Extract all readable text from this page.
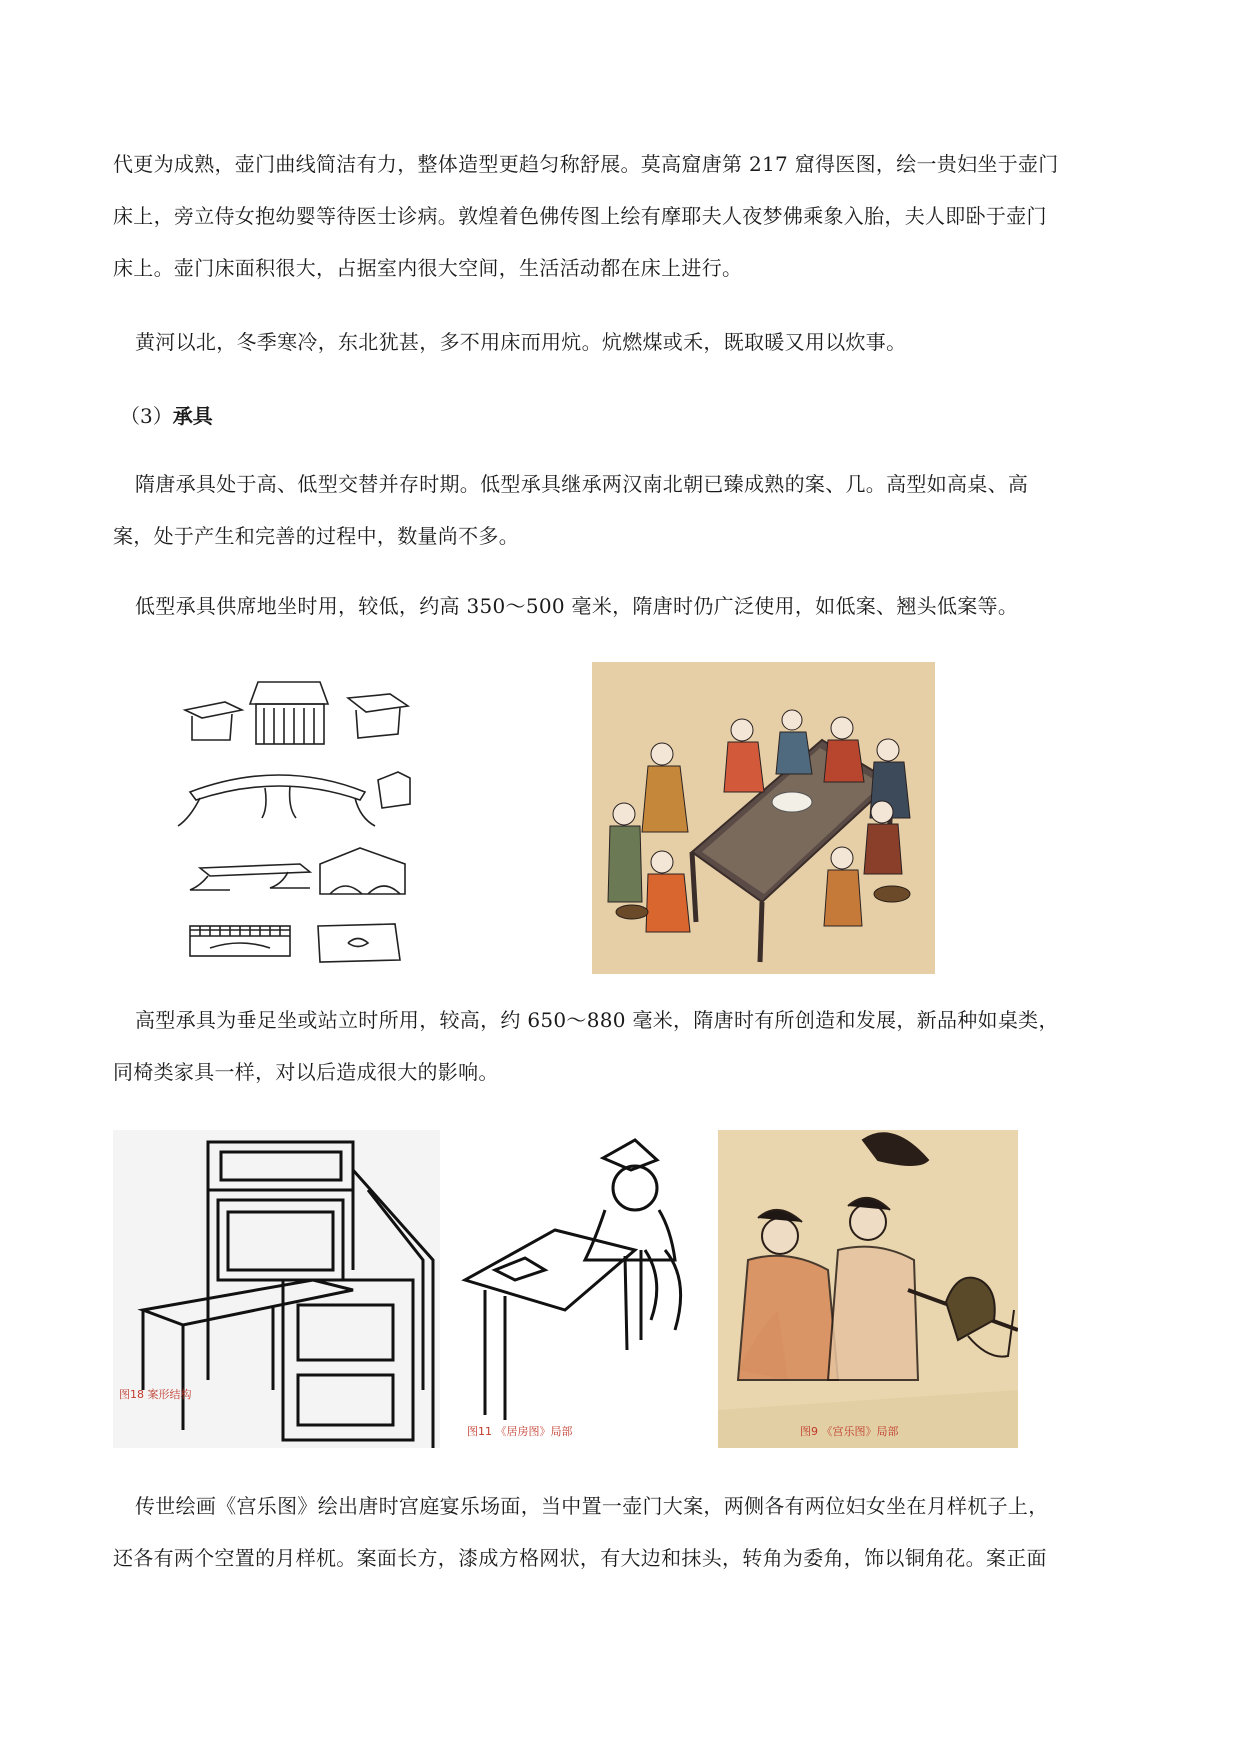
代更为成熟，壶门曲线简洁有力，整体造型更趋匀称舒展。莫高窟唐第 217 窟得医图，绘一贵妇坐于壶门
床上，旁立侍女抱幼婴等待医士诊病。敦煌着色佛传图上绘有摩耶夫人夜梦佛乘象入胎，夫人即卧于壶门
床上。壶门床面积很大，占据室内很大空间，生活活动都在床上进行。
黄河以北，冬季寒冷，东北犹甚，多不用床而用炕。炕燃煤或禾，既取暖又用以炊事。
（3）承具
隋唐承具处于高、低型交替并存时期。低型承具继承两汉南北朝已臻成熟的案、几。高型如高桌、高
案，处于产生和完善的过程中，数量尚不多。
低型承具供席地坐时用，较低，约高 350～500 毫米，隋唐时仍广泛使用，如低案、翘头低案等。
高型承具为垂足坐或站立时所用，较高，约 650～880 毫米，隋唐时有所创造和发展，新品种如桌类，
同椅类家具一样，对以后造成很大的影响。
图18 案形结构
图11 《居房图》局部	图9 《宫乐图》局部
传世绘画《宫乐图》绘出唐时宫庭宴乐场面，当中置一壶门大案，两侧各有两位妇女坐在月样杌子上，
还各有两个空置的月样杌。案面长方，漆成方格网状，有大边和抹头，转角为委角，饰以铜角花。案正面
